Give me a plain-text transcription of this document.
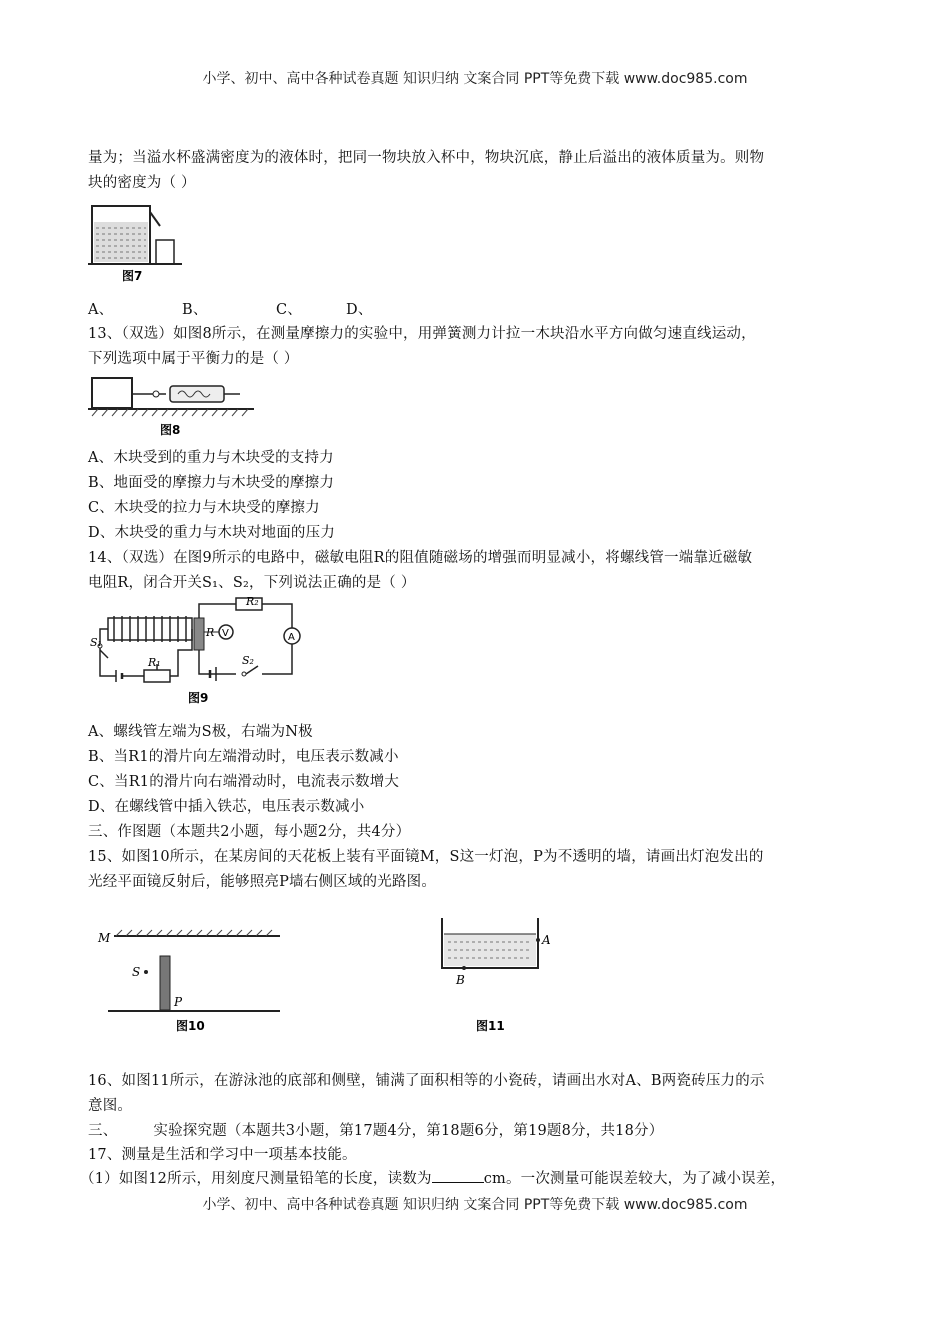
小学、初中、高中各种试卷真题 知识归纳 文案合同 PPT等免费下载 www.doc985.com
量为；当溢水杯盛满密度为的液体时，把同一物块放入杯中，物块沉底，静止后溢出的液体质量为。则物
块的密度为（ ）
图7
A、	B、	C、	D、
13、（双选）如图8所示，在测量摩擦力的实验中，用弹簧测力计拉一木块沿水平方向做匀速直线运动，
下列选项中属于平衡力的是（ ）
图8
A、木块受到的重力与木块受的支持力
B、地面受的摩擦力与木块受的摩擦力
C、木块受的拉力与木块受的摩擦力
D、木块受的重力与木块对地面的压力
14、（双选）在图9所示的电路中，磁敏电阻R的阻值随磁场的增强而明显减小，将螺线管一端靠近磁敏
电阻R，闭合开关S₁、S₂，下列说法正确的是（ ）
S₁
R₁
R V
R₂
A
S₂
图9
A、螺线管左端为S极，右端为N极
B、当R1的滑片向左端滑动时，电压表示数减小
C、当R1的滑片向右端滑动时，电流表示数增大
D、在螺线管中插入铁芯，电压表示数减小
三、作图题（本题共2小题，每小题2分，共4分）
15、如图10所示，在某房间的天花板上装有平面镜M，S这一灯泡，P为不透明的墙，请画出灯泡发出的
光经平面镜反射后，能够照亮P墙右侧区域的光路图。
M
S
P
图10
A
B
图11
16、如图11所示，在游泳池的底部和侧壁，铺满了面积相等的小瓷砖，请画出水对A、B两瓷砖压力的示
意图。
三、 实验探究题（本题共3小题，第17题4分，第18题6分，第19题8分，共18分）
17、测量是生活和学习中一项基本技能。
（1）如图12所示，用刻度尺测量铅笔的长度，读数为	cm。一次测量可能误差较大，为了减小误差，
小学、初中、高中各种试卷真题 知识归纳 文案合同 PPT等免费下载 www.doc985.com
